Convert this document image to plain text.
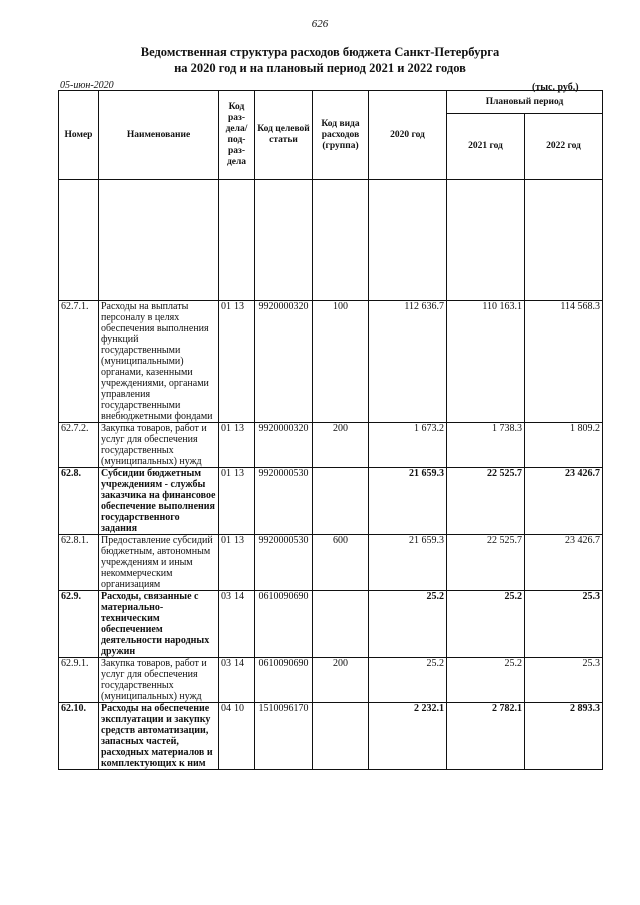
626
Ведомственная структура расходов бюджета Санкт-Петербурга
на 2020 год и на плановый период 2021 и 2022 годов
05-июн-2020	(тыс. руб.)
Номер	Наименование	Код раз-дела/ под-раз-дела	Код целевой статьи	Код вида расходов (группа)	2020 год	Плановый период	
						2021 год	2022 год

62.7.1.	Расходы на выплаты персоналу в целях обеспечения выполнения функций государственными (муниципальными) органами, казенными учреждениями, органами управления государственными внебюджетными фондами	01 13	9920000320	100	112 636.7	110 163.1	114 568.3
62.7.2.	Закупка товаров, работ и услуг для обеспечения государственных (муниципальных) нужд	01 13	9920000320	200	1 673.2	1 738.3	1 809.2
62.8.	Субсидии бюджетным учреждениям - службы заказчика на финансовое обеспечение выполнения государственного задания	01 13	9920000530		21 659.3	22 525.7	23 426.7
62.8.1.	Предоставление субсидий бюджетным, автономным учреждениям и иным некоммерческим организациям	01 13	9920000530	600	21 659.3	22 525.7	23 426.7
62.9.	Расходы, связанные с материально-техническим обеспечением деятельности народных дружин	03 14	0610090690		25.2	25.2	25.3
62.9.1.	Закупка товаров, работ и услуг для обеспечения государственных (муниципальных) нужд	03 14	0610090690	200	25.2	25.2	25.3
62.10.	Расходы на обеспечение эксплуатации и закупку средств автоматизации, запасных частей, расходных материалов и комплектующих к ним	04 10	1510096170		2 232.1	2 782.1	2 893.3
